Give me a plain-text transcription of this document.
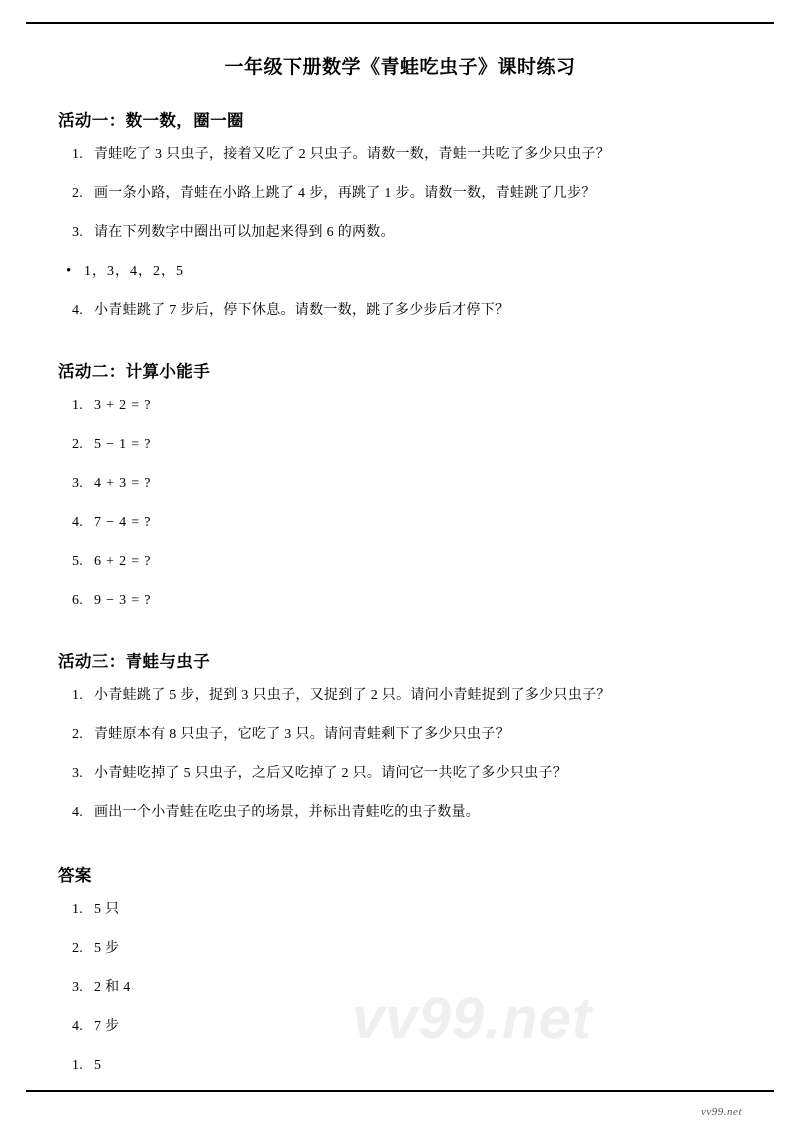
一年级下册数学《青蛙吃虫子》课时练习
活动一：数一数，圈一圈
1. 青蛙吃了 3 只虫子，接着又吃了 2 只虫子。请数一数，青蛙一共吃了多少只虫子？
2. 画一条小路，青蛙在小路上跳了 4 步，再跳了 1 步。请数一数，青蛙跳了几步？
3. 请在下列数字中圈出可以加起来得到 6 的两数。
• 1，3，4，2，5
4. 小青蛙跳了 7 步后，停下休息。请数一数，跳了多少步后才停下？
活动二：计算小能手
1. 3 + 2 = ?
2. 5 − 1 = ?
3. 4 + 3 = ?
4. 7 − 4 = ?
5. 6 + 2 = ?
6. 9 − 3 = ?
活动三：青蛙与虫子
1. 小青蛙跳了 5 步，捉到 3 只虫子，又捉到了 2 只。请问小青蛙捉到了多少只虫子？
2. 青蛙原本有 8 只虫子，它吃了 3 只。请问青蛙剩下了多少只虫子？
3. 小青蛙吃掉了 5 只虫子，之后又吃掉了 2 只。请问它一共吃了多少只虫子？
4. 画出一个小青蛙在吃虫子的场景，并标出青蛙吃的虫子数量。
答案
1. 5 只
2. 5 步
3. 2 和 4
4. 7 步
1. 5
vv99.net
vv99.net
